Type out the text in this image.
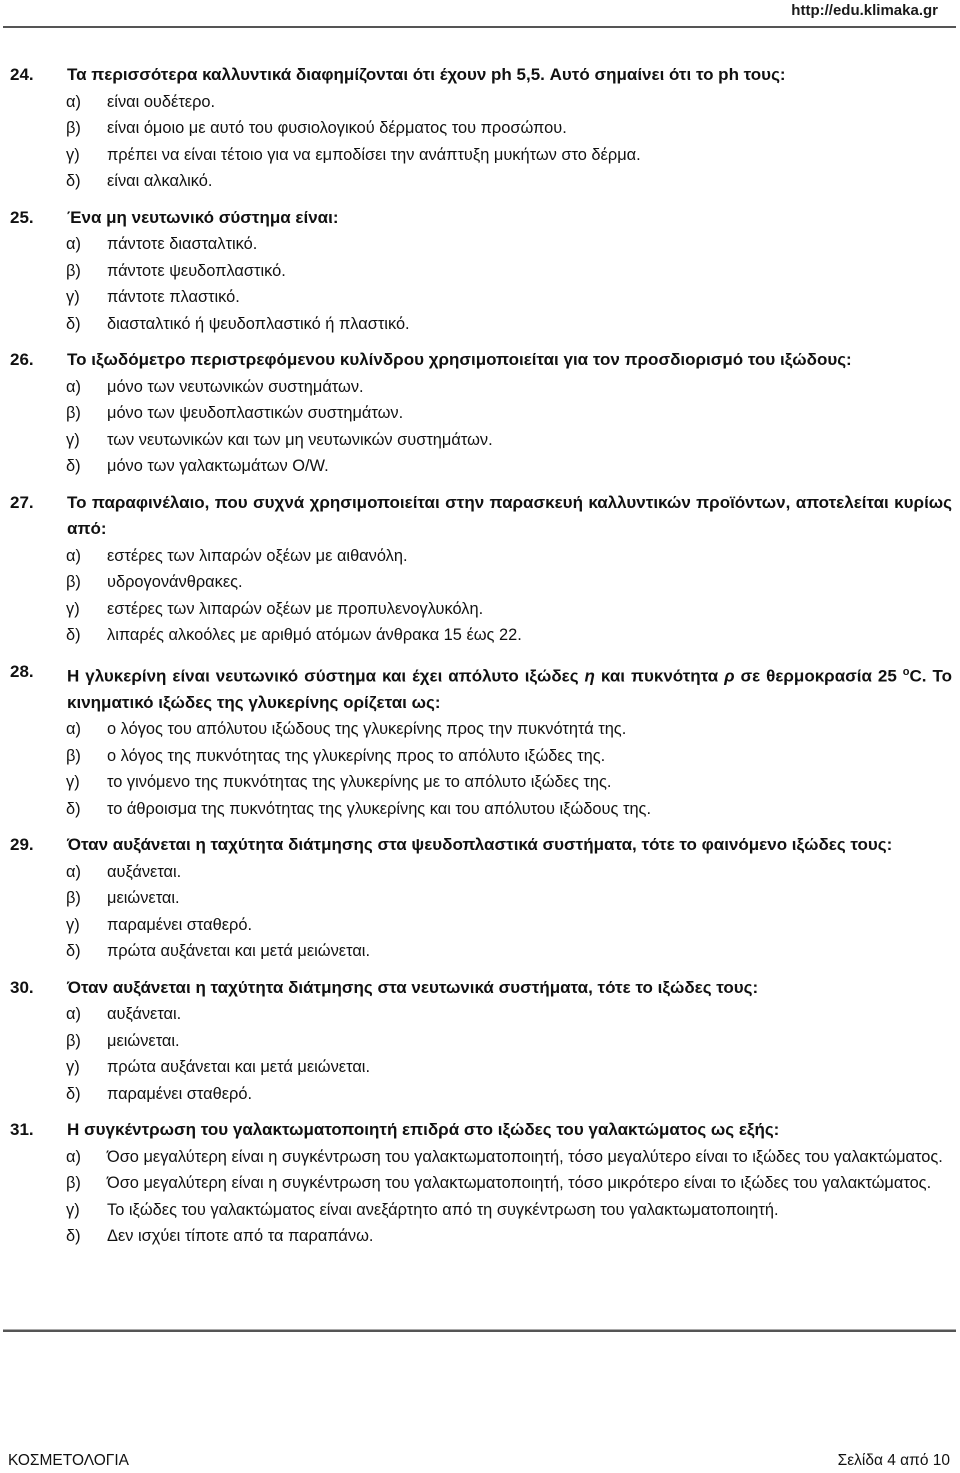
http://edu.klimaka.gr
24.	Τα περισσότερα καλλυντικά διαφημίζονται ότι έχουν ph 5,5. Αυτό σημαίνει ότι το ph τους:
α)	είναι ουδέτερο.
β)	είναι όμοιο με αυτό του φυσιολογικού δέρματος του προσώπου.
γ)	πρέπει να είναι τέτοιο για να εμποδίσει την ανάπτυξη μυκήτων στο δέρμα.
δ)	είναι αλκαλικό.
25.	Ένα μη νευτωνικό σύστημα είναι:
α)	πάντοτε διασταλτικό.
β)	πάντοτε ψευδοπλαστικό.
γ)	πάντοτε πλαστικό.
δ)	διασταλτικό ή ψευδοπλαστικό ή πλαστικό.
26.	Το ιξωδόμετρο περιστρεφόμενου κυλίνδρου χρησιμοποιείται για τον προσδιορισμό του ιξώδους:
α)	μόνο των νευτωνικών συστημάτων.
β)	μόνο των ψευδοπλαστικών συστημάτων.
γ)	των νευτωνικών και των μη νευτωνικών συστημάτων.
δ)	μόνο των γαλακτωμάτων O/W.
27.	Το παραφινέλαιο, που συχνά χρησιμοποιείται στην παρασκευή καλλυντικών προϊόντων, αποτελείται κυρίως από:
α)	εστέρες των λιπαρών οξέων με αιθανόλη.
β)	υδρογονάνθρακες.
γ)	εστέρες των λιπαρών οξέων με προπυλενογλυκόλη.
δ)	λιπαρές αλκοόλες με αριθμό ατόμων άνθρακα 15 έως 22.
28.	Η γλυκερίνη είναι νευτωνικό σύστημα και έχει απόλυτο ιξώδες η και πυκνότητα ρ σε θερμοκρασία 25 $^o$C. Το κινηματικό ιξώδες της γλυκερίνης ορίζεται ως:
α)	ο λόγος του απόλυτου ιξώδους της γλυκερίνης προς την πυκνότητά της.
β)	ο λόγος της πυκνότητας της γλυκερίνης προς το απόλυτο ιξώδες της.
γ)	το γινόμενο της πυκνότητας της γλυκερίνης με το απόλυτο ιξώδες της.
δ)	το άθροισμα της πυκνότητας της γλυκερίνης και του απόλυτου ιξώδους της.
29.	Όταν αυξάνεται η ταχύτητα διάτμησης στα ψευδοπλαστικά συστήματα, τότε το φαινόμενο ιξώδες τους:
α)	αυξάνεται.
β)	μειώνεται.
γ)	παραμένει σταθερό.
δ)	πρώτα αυξάνεται και μετά μειώνεται.
30.	Όταν αυξάνεται η ταχύτητα διάτμησης στα νευτωνικά συστήματα, τότε το ιξώδες τους:
α)	αυξάνεται.
β)	μειώνεται.
γ)	πρώτα αυξάνεται και μετά μειώνεται.
δ)	παραμένει σταθερό.
31.	Η συγκέντρωση του γαλακτωματοποιητή επιδρά στο ιξώδες του γαλακτώματος ως εξής:
α)	Όσο μεγαλύτερη είναι η συγκέντρωση του γαλακτωματοποιητή, τόσο μεγαλύτερο είναι το ιξώδες του γαλακτώματος.
β)	Όσο μεγαλύτερη είναι η συγκέντρωση του γαλακτωματοποιητή, τόσο μικρότερο είναι το ιξώδες του γαλακτώματος.
γ)	Το ιξώδες του γαλακτώματος είναι ανεξάρτητο από τη συγκέντρωση του γαλακτωματοποιητή.
δ)	Δεν ισχύει τίποτε από τα παραπάνω.
ΚΟΣΜΕΤΟΛΟΓΙΑ	Σελίδα 4 από 10
